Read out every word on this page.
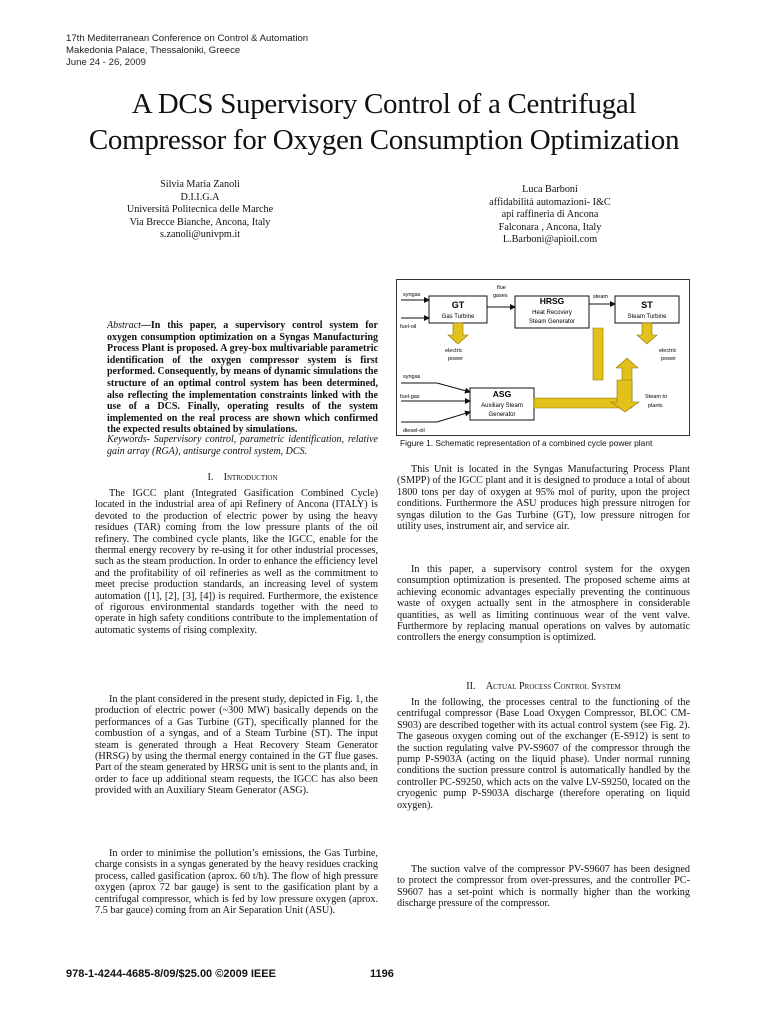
17th Mediterranean Conference on Control & Automation
Makedonia Palace, Thessaloniki, Greece
June 24 - 26, 2009
A DCS Supervisory Control of a Centrifugal
Compressor for Oxygen Consumption Optimization
Silvia Maria Zanoli
D.I.I.G.A
Università Politecnica delle Marche
Via Brecce Bianche, Ancona, Italy
s.zanoli@univpm.it
Luca Barboni
affidabilità automazioni- I&C
api raffineria di Ancona
Falconara , Ancona, Italy
L.Barboni@apioil.com
Abstract—In this paper, a supervisory control system for oxygen consumption optimization on a Syngas Manufacturing Process Plant is proposed. A grey-box multivariable parametric identification of the oxygen compressor system is first performed. Consequently, by means of dynamic simulations the structure of an optimal control system has been determined, also reflecting the implementation constraints linked with the use of a DCS. Finally, operating results of the system implemented on the real process are shown which confirmed the expected results obtained by simulations.
Keywords- Supervisory control, parametric identification, relative gain array (RGA), antisurge control system, DCS.
I. Introduction

The IGCC plant (Integrated Gasification Combined Cycle) located in the industrial area of api Refinery of Ancona (ITALY) is devoted to the production of electric power by using the heavy residues (TAR) coming from the low pressure plants of the oil refinery. The combined cycle plants, like the IGCC, enable for the thermal energy recovery by re-using it for other industrial processes, such as the steam production. In order to enhance the efficiency level and the profitability of oil refineries as well as the commitment to meet precise production standards, an increasing level of system automation ([1], [2], [3], [4]) is required. Furthermore, the existence of rigorous environmental standards together with the need to operate in high safety conditions contribute to the implementation of automatic systems of rising complexity.

In the plant considered in the present study, depicted in Fig. 1, the production of electric power (~300 MW) basically depends on the performances of a Gas Turbine (GT), specifically planned for the combustion of a syngas, and of a Steam Turbine (ST). The input steam is generated through a Heat Recovery Steam Generator (HRSG) by using the thermal energy contained in the GT flue gases. Part of the steam generated by HRSG unit is sent to the plants and, in order to face up additional steam requests, the IGCC has also been provided with an Auxiliary Steam Generator (ASG).

In order to minimise the pollution’s emissions, the Gas Turbine, charge consists in a syngas generated by the heavy residues cracking process, called gasification (aprox. 60 t/h). The flow of high pressure oxygen (aprox 72 bar gauge) is sent to the gasification plant by a centrifugal compressor, which is fed by low pressure oxygen (aprox. 7.5 bar gauce) coming from an Air Separation Unit (ASU).

GT
Gas Turbine
HRSG
Heat Recovery
Steam Generator
ST
Steam Turbine
ASG
Auxiliary Steam
Generator
syngas
fuel-oil
flue
gases	steam
electric
power
electric
power
syngas
fuel-gas
diesel-oil
Steam to
plants
Figure 1. Schematic representation of a combined cycle power plant

This Unit is located in the Syngas Manufacturing Process Plant (SMPP) of the IGCC plant and it is designed to produce a total of about 1800 tons per day of oxygen at 95% mol of purity, upon the project conditions. Furthermore the ASU produces high pressure nitrogen for syngas dilution to the Gas Turbine (GT), low pressure nitrogen for utility uses, instrument air, and service air.

In this paper, a supervisory control system for the oxygen consumption optimization is presented. The proposed scheme aims at achieving economic advantages especially preventing the continuous waste of oxygen actually sent in the atmosphere in considerable quantities, as well as limiting continuous wear of the vent valve. Furthermore by replacing manual operations on valves by automatic controllers the energy consumption is optimized.

II. Actual Process Control System

In the following, the processes central to the functioning of the centrifugal compressor (Base Load Oxygen Compressor, BLOC CM-S903) are described together with its actual control system (see Fig. 2). The gaseous oxygen coming out of the exchanger (E-S912) is sent to the suction regulating valve PV-S9607 of the compressor through the pump P-S903A (acting on the liquid phase). Under normal running conditions the suction pressure control is automatically handled by the controller PC-S9250, which acts on the valve LV-S9250, located on the cryogenic pump P-S903A discharge (therefore operating on liquid oxygen).

The suction valve of the compressor PV-S9607 has been designed to protect the compressor from over-pressures, and the controller PC-S9607 has a set-point which is normally higher than the working discharge pressure of the compressor.

978-1-4244-4685-8/09/$25.00 ©2009 IEEE	1196
